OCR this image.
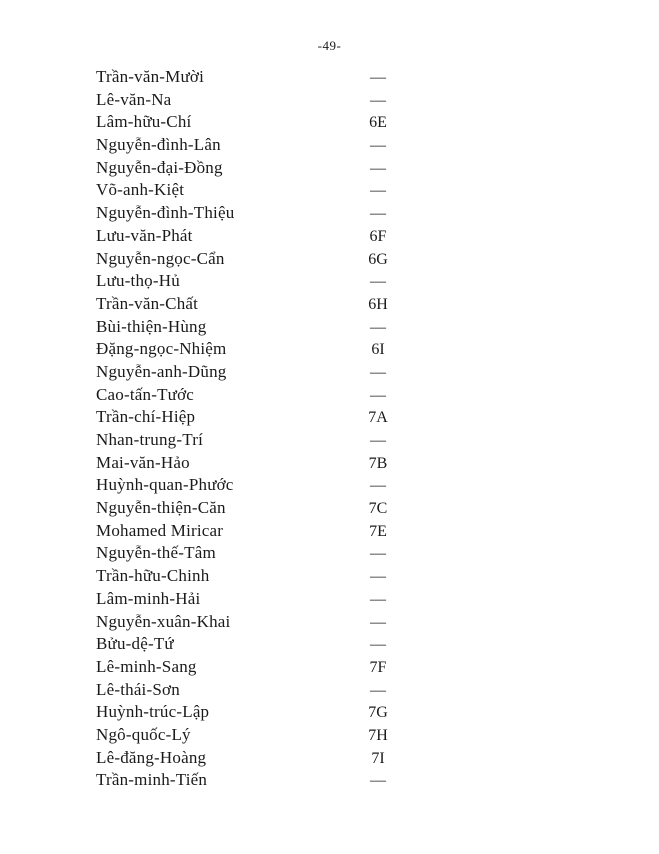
-49-
Trần-văn-Mười	—
Lê-văn-Na	—
Lâm-hữu-Chí	6E
Nguyễn-đình-Lân	—
Nguyễn-đại-Đồng	—
Võ-anh-Kiệt	—
Nguyễn-đình-Thiệu	—
Lưu-văn-Phát	6F
Nguyễn-ngọc-Cẩn	6G
Lưu-thọ-Hủ	—
Trần-văn-Chất	6H
Bùi-thiện-Hùng	—
Đặng-ngọc-Nhiệm	6I
Nguyễn-anh-Dũng	—
Cao-tấn-Tước	—
Trần-chí-Hiệp	7A
Nhan-trung-Trí	—
Mai-văn-Hảo	7B
Huỳnh-quan-Phước	—
Nguyễn-thiện-Căn	7C
Mohamed Miricar	7E
Nguyễn-thế-Tâm	—
Trần-hữu-Chinh	—
Lâm-minh-Hải	—
Nguyễn-xuân-Khai	—
Bửu-dệ-Tứ	—
Lê-minh-Sang	7F
Lê-thái-Sơn	—
Huỳnh-trúc-Lập	7G
Ngô-quốc-Lý	7H
Lê-đăng-Hoàng	7I
Trần-minh-Tiến	—
